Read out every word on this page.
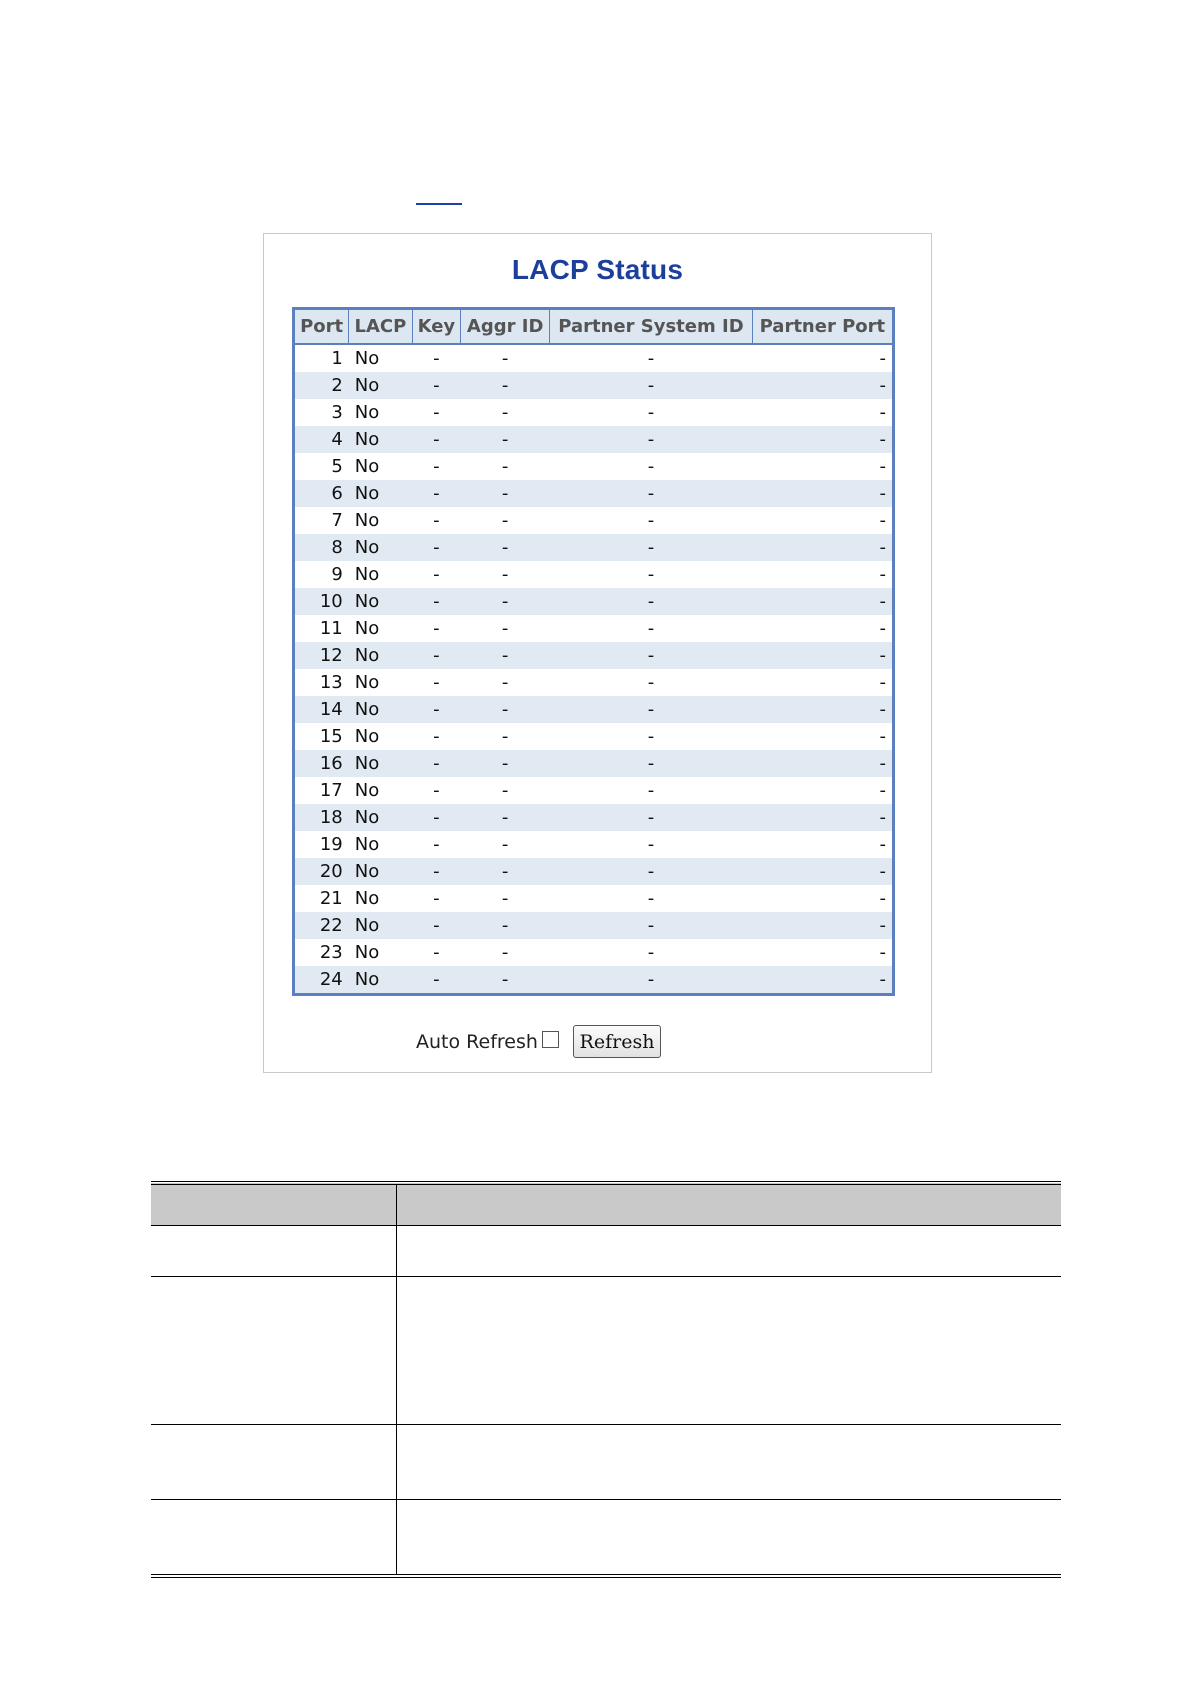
LACP Status
Port	LACP	Key	Aggr ID	Partner System ID	Partner Port
1	No	-	-	-	-
2	No	-	-	-	-
3	No	-	-	-	-
4	No	-	-	-	-
5	No	-	-	-	-
6	No	-	-	-	-
7	No	-	-	-	-
8	No	-	-	-	-
9	No	-	-	-	-
10	No	-	-	-	-
11	No	-	-	-	-
12	No	-	-	-	-
13	No	-	-	-	-
14	No	-	-	-	-
15	No	-	-	-	-
16	No	-	-	-	-
17	No	-	-	-	-
18	No	-	-	-	-
19	No	-	-	-	-
20	No	-	-	-	-
21	No	-	-	-	-
22	No	-	-	-	-
23	No	-	-	-	-
24	No	-	-	-	-
Auto Refresh	Refresh
